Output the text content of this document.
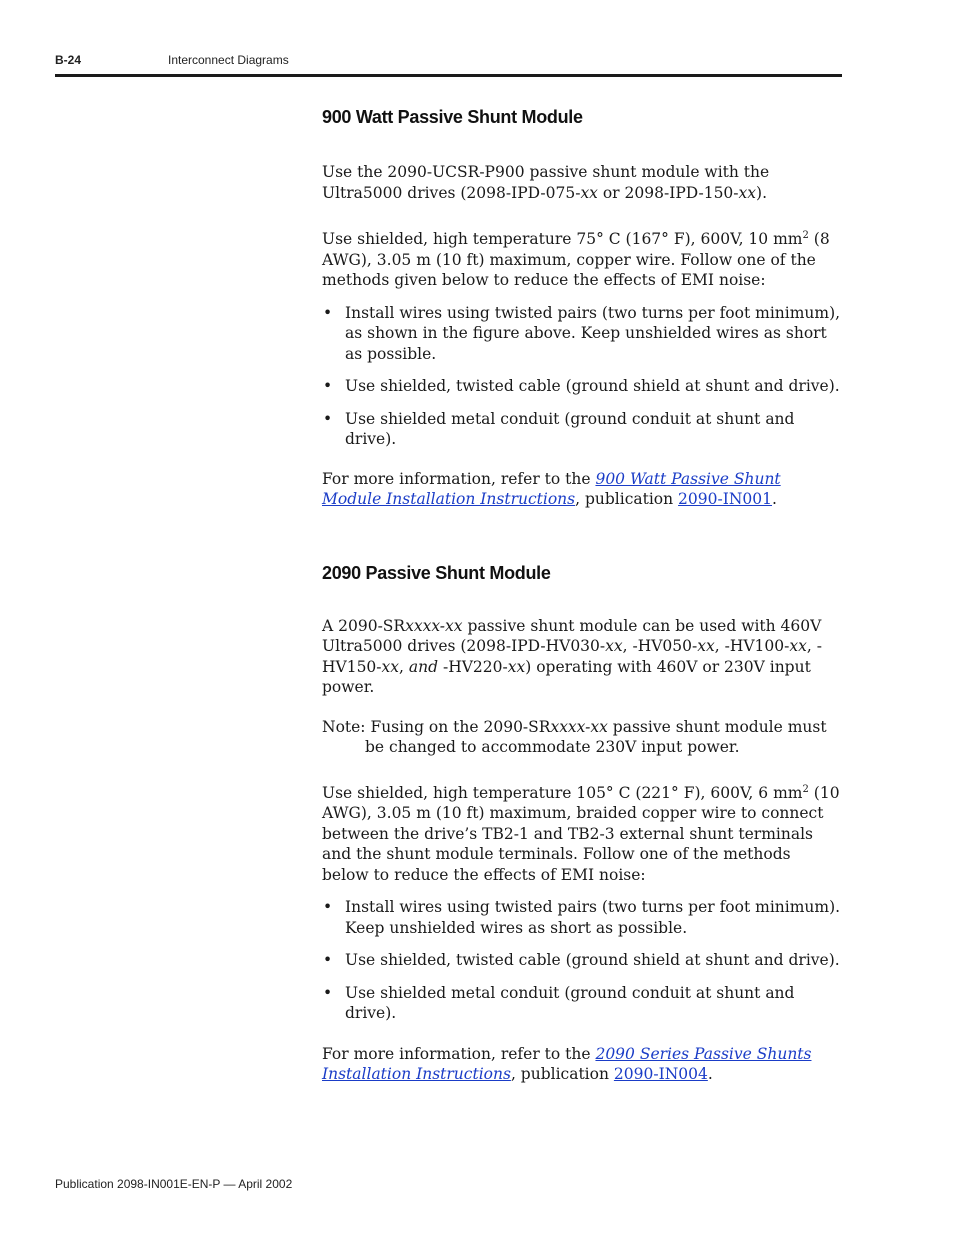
B-24	Interconnect Diagrams
900 Watt Passive Shunt Module

Use the 2090-UCSR-P900 passive shunt module with the Ultra5000 drives (2098-IPD-075-xx or 2098-IPD-150-xx).

Use shielded, high temperature 75° C (167° F), 600V, 10 $mm^2$ (8 AWG), 3.05 m (10 ft) maximum, copper wire. Follow one of the methods given below to reduce the effects of EMI noise:

• Install wires using twisted pairs (two turns per foot minimum), as shown in the figure above. Keep unshielded wires as short as possible.
• Use shielded, twisted cable (ground shield at shunt and drive).
• Use shielded metal conduit (ground conduit at shunt and drive).

For more information, refer to the 900 Watt Passive Shunt Module Installation Instructions, publication 2090-IN001.

2090 Passive Shunt Module

A 2090-SRxxxx-xx passive shunt module can be used with 460V Ultra5000 drives (2098-IPD-HV030-xx, -HV050-xx, -HV100-xx, -HV150-xx, and -HV220-xx) operating with 460V or 230V input power.

Note: Fusing on the 2090-SRxxxx-xx passive shunt module must be changed to accommodate 230V input power.

Use shielded, high temperature 105° C (221° F), 600V, 6 $mm^2$ (10 AWG), 3.05 m (10 ft) maximum, braided copper wire to connect between the drive’s TB2-1 and TB2-3 external shunt terminals and the shunt module terminals. Follow one of the methods below to reduce the effects of EMI noise:

• Install wires using twisted pairs (two turns per foot minimum). Keep unshielded wires as short as possible.
• Use shielded, twisted cable (ground shield at shunt and drive).
• Use shielded metal conduit (ground conduit at shunt and drive).

For more information, refer to the 2090 Series Passive Shunts Installation Instructions, publication 2090-IN004.

Publication 2098-IN001E-EN-P — April 2002
